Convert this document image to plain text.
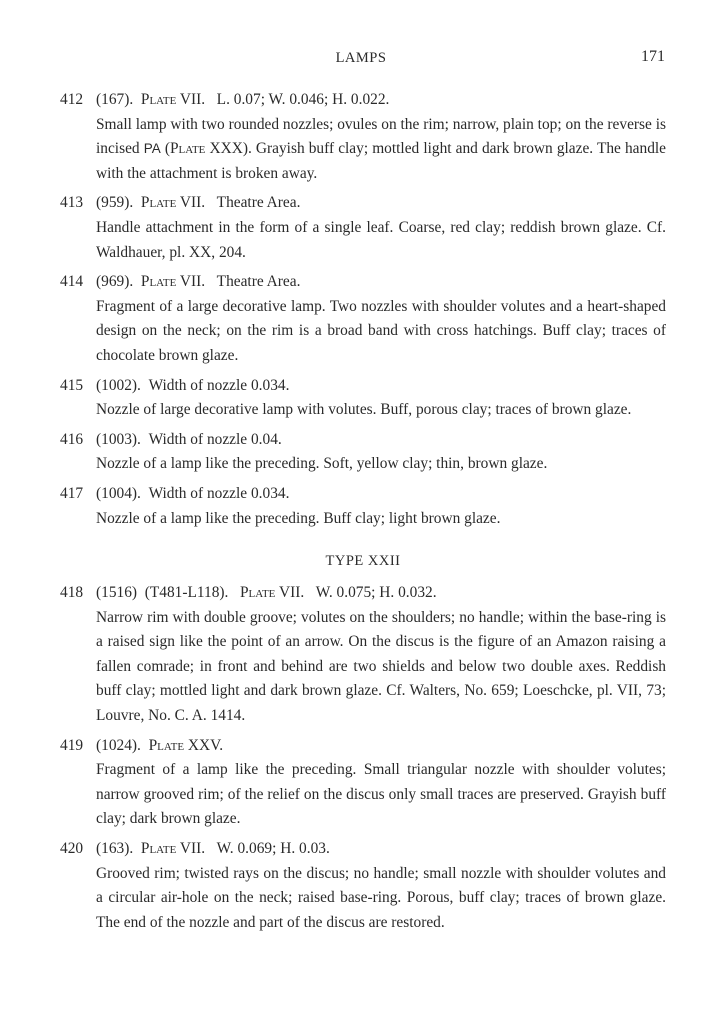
LAMPS	171
412 (167). Plate VII. L. 0.07; W. 0.046; H. 0.022.
Small lamp with two rounded nozzles; ovules on the rim; narrow, plain top; on the reverse is incised PA (Plate XXX). Grayish buff clay; mottled light and dark brown glaze. The handle with the attachment is broken away.
413 (959). Plate VII. Theatre Area.
Handle attachment in the form of a single leaf. Coarse, red clay; reddish brown glaze. Cf. Waldhauer, pl. XX, 204.
414 (969). Plate VII. Theatre Area.
Fragment of a large decorative lamp. Two nozzles with shoulder volutes and a heart-shaped design on the neck; on the rim is a broad band with cross hatchings. Buff clay; traces of chocolate brown glaze.
415 (1002). Width of nozzle 0.034.
Nozzle of large decorative lamp with volutes. Buff, porous clay; traces of brown glaze.
416 (1003). Width of nozzle 0.04.
Nozzle of a lamp like the preceding. Soft, yellow clay; thin, brown glaze.
417 (1004). Width of nozzle 0.034.
Nozzle of a lamp like the preceding. Buff clay; light brown glaze.
TYPE XXII
418 (1516) (T481-L118). Plate VII. W. 0.075; H. 0.032.
Narrow rim with double groove; volutes on the shoulders; no handle; within the base-ring is a raised sign like the point of an arrow. On the discus is the figure of an Amazon raising a fallen comrade; in front and behind are two shields and below two double axes. Reddish buff clay; mottled light and dark brown glaze. Cf. Walters, No. 659; Loeschcke, pl. VII, 73; Louvre, No. C. A. 1414.
419 (1024). Plate XXV.
Fragment of a lamp like the preceding. Small triangular nozzle with shoulder volutes; narrow grooved rim; of the relief on the discus only small traces are preserved. Grayish buff clay; dark brown glaze.
420 (163). Plate VII. W. 0.069; H. 0.03.
Grooved rim; twisted rays on the discus; no handle; small nozzle with shoulder volutes and a circular air-hole on the neck; raised base-ring. Porous, buff clay; traces of brown glaze. The end of the nozzle and part of the discus are restored.
